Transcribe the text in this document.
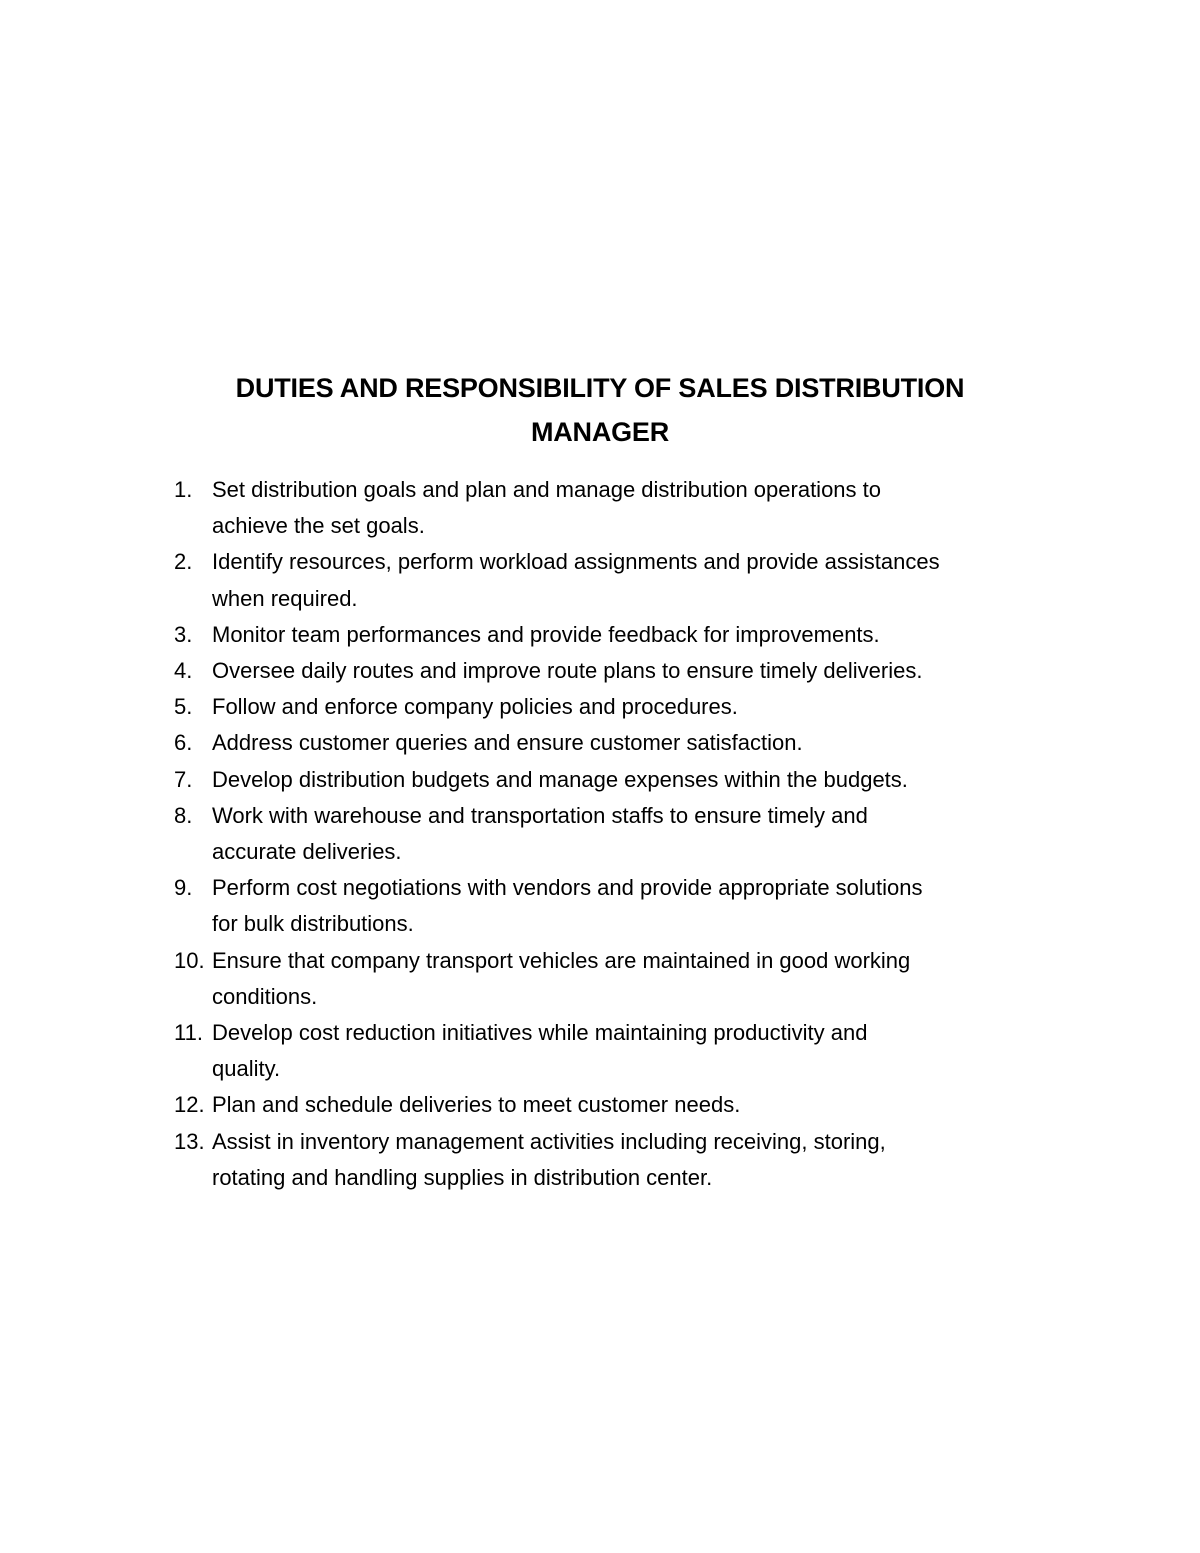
DUTIES AND RESPONSIBILITY OF SALES DISTRIBUTION
MANAGER
1. Set distribution goals and plan and manage distribution operations to
achieve the set goals.
2. Identify resources, perform workload assignments and provide assistances
when required.
3. Monitor team performances and provide feedback for improvements.
4. Oversee daily routes and improve route plans to ensure timely deliveries.
5. Follow and enforce company policies and procedures.
6. Address customer queries and ensure customer satisfaction.
7. Develop distribution budgets and manage expenses within the budgets.
8. Work with warehouse and transportation staffs to ensure timely and
accurate deliveries.
9. Perform cost negotiations with vendors and provide appropriate solutions
for bulk distributions.
10. Ensure that company transport vehicles are maintained in good working
conditions.
11. Develop cost reduction initiatives while maintaining productivity and
quality.
12. Plan and schedule deliveries to meet customer needs.
13. Assist in inventory management activities including receiving, storing,
rotating and handling supplies in distribution center.
